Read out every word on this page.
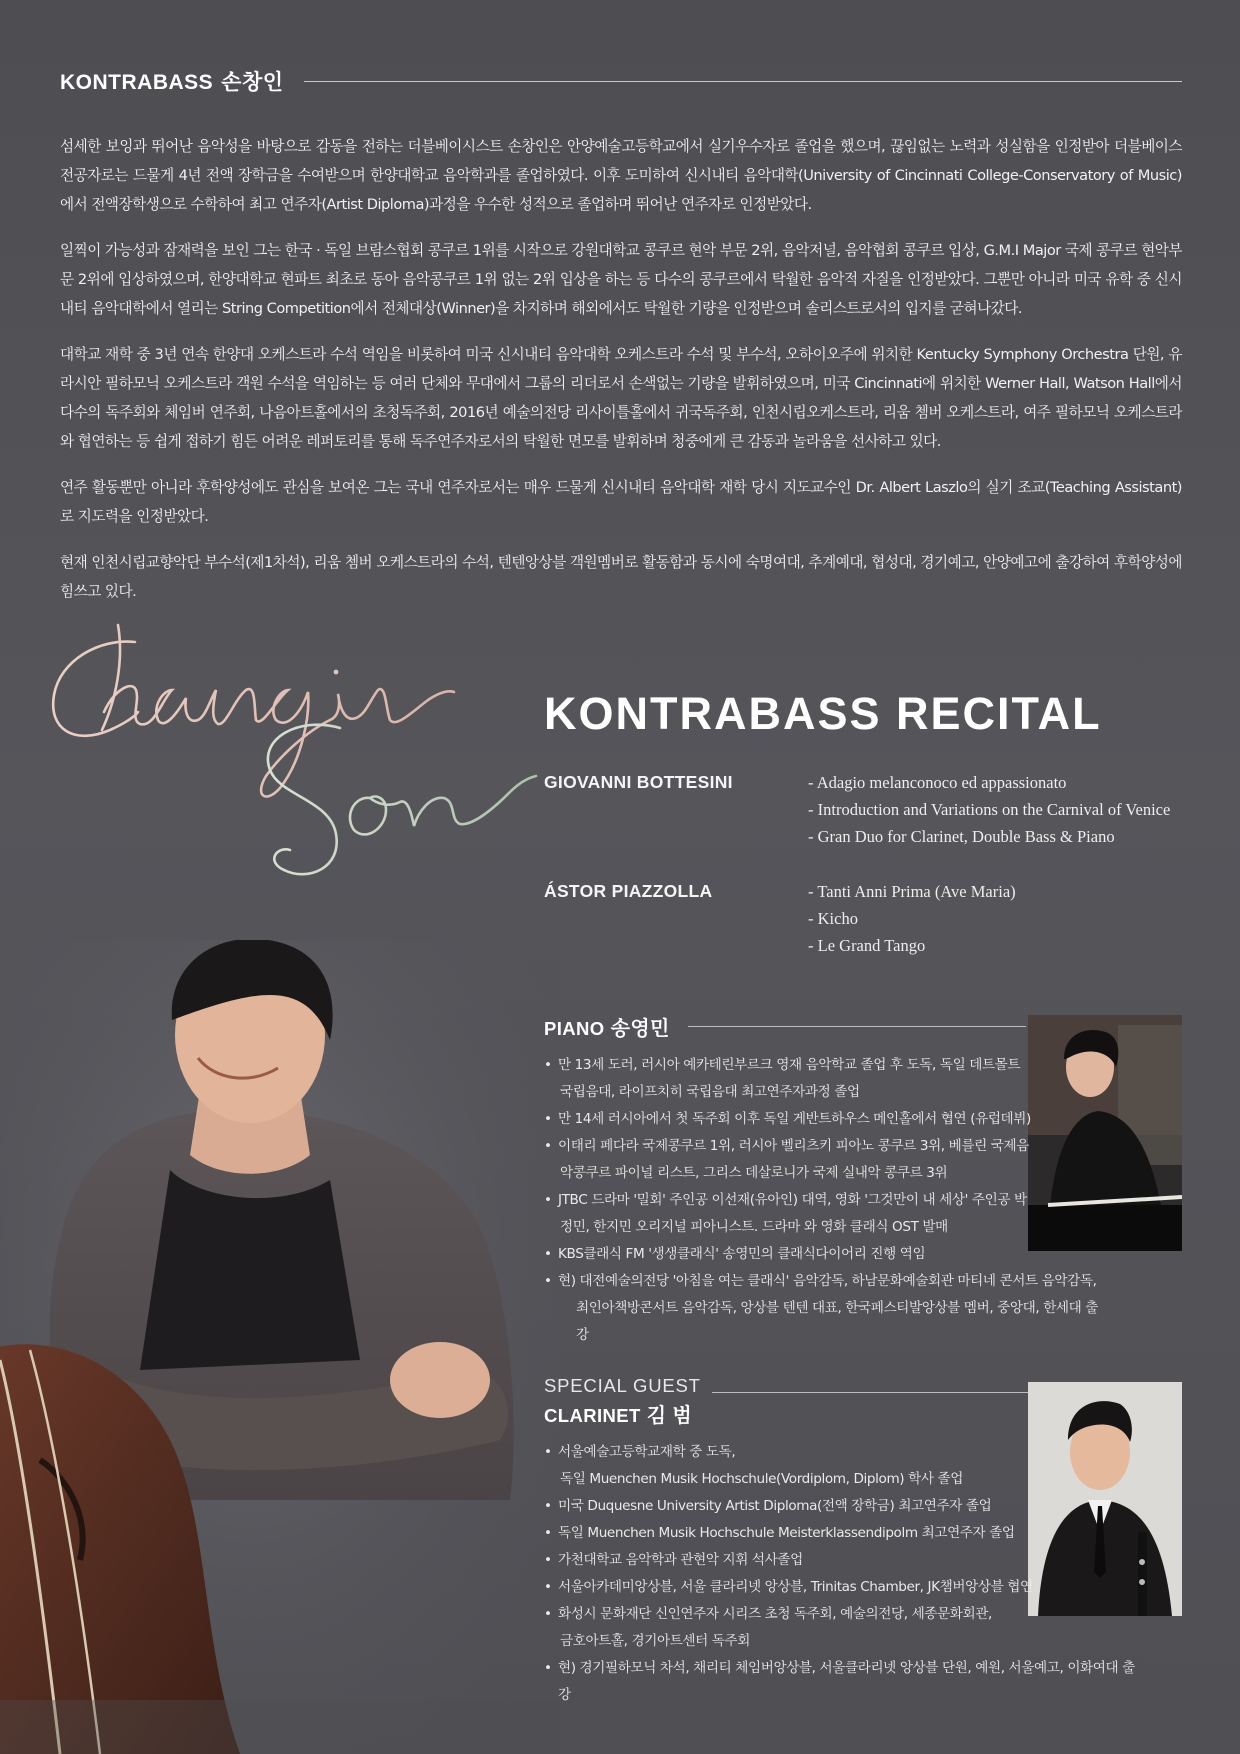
KONTRABASS 손창인

섬세한 보잉과 뛰어난 음악성을 바탕으로 감동을 전하는 더블베이시스트 손창인은 안양예술고등학교에서 실기우수자로 졸업을 했으며, 끊임없는 노력과 성실함을 인정받아 더블베이스 전공자로는 드물게 4년 전액 장학금을 수여받으며 한양대학교 음악학과를 졸업하였다. 이후 도미하여 신시내티 음악대학(University of Cincinnati College-Conservatory of Music)에서 전액장학생으로 수학하여 최고 연주자(Artist Diploma)과정을 우수한 성적으로 졸업하며 뛰어난 연주자로 인정받았다.

일찍이 가능성과 잠재력을 보인 그는 한국 · 독일 브람스협회 콩쿠르 1위를 시작으로 강원대학교 콩쿠르 현악 부문 2위, 음악저널, 음악협회 콩쿠르 입상, G.M.I Major 국제 콩쿠르 현악부문 2위에 입상하였으며, 한양대학교 현파트 최초로 동아 음악콩쿠르 1위 없는 2위 입상을 하는 등 다수의 콩쿠르에서 탁월한 음악적 자질을 인정받았다. 그뿐만 아니라 미국 유학 중 신시내티 음악대학에서 열리는 String Competition에서 전체대상(Winner)을 차지하며 해외에서도 탁월한 기량을 인정받으며 솔리스트로서의 입지를 굳혀나갔다.

대학교 재학 중 3년 연속 한양대 오케스트라 수석 역임을 비롯하여 미국 신시내티 음악대학 오케스트라 수석 및 부수석, 오하이오주에 위치한 Kentucky Symphony Orchestra 단원, 유라시안 필하모닉 오케스트라 객원 수석을 역임하는 등 여러 단체와 무대에서 그룹의 리더로서 손색없는 기량을 발휘하였으며, 미국 Cincinnati에 위치한 Werner Hall, Watson Hall에서 다수의 독주회와 체임버 연주회, 나음아트홀에서의 초청독주회, 2016년 예술의전당 리사이틀홀에서 귀국독주회, 인천시립오케스트라, 리움 쳄버 오케스트라, 여주 필하모닉 오케스트라와 협연하는 등 쉽게 접하기 힘든 어려운 레퍼토리를 통해 독주연주자로서의 탁월한 면모를 발휘하며 청중에게 큰 감동과 놀라움을 선사하고 있다.

연주 활동뿐만 아니라 후학양성에도 관심을 보여온 그는 국내 연주자로서는 매우 드물게 신시내티 음악대학 재학 당시 지도교수인 Dr. Albert Laszlo의 실기 조교(Teaching Assistant)로 지도력을 인정받았다.

현재 인천시립교향악단 부수석(제1차석), 리움 쳄버 오케스트라의 수석, 텐텐앙상블 객원멤버로 활동함과 동시에 숙명여대, 추계예대, 협성대, 경기예고, 안양예고에 출강하여 후학양성에 힘쓰고 있다.

KONTRABASS RECITAL
GIOVANNI BOTTESINI	- Adagio melanconoco ed appassionato
- Introduction and Variations on the Carnival of Venice
- Gran Duo for Clarinet, Double Bass & Piano
ÁSTOR PIAZZOLLA	- Tanti Anni Prima (Ave Maria)
- Kicho
- Le Grand Tango
PIANO 송영민
• 만 13세 도러, 러시아 예카테린부르크 영재 음악학교 졸업 후 도독, 독일 데트몰트
국립음대, 라이프치히 국립음대 최고연주자과정 졸업
• 만 14세 러시아에서 첫 독주회 이후 독일 게반트하우스 메인홀에서 협연 (유럽데뷔)
• 이태리 페다라 국제콩쿠르 1위, 러시아 벨리츠키 피아노 콩쿠르 3위, 베를린 국제음
악콩쿠르 파이널 리스트, 그리스 데살로니가 국제 실내악 콩쿠르 3위
• JTBC 드라마 '밀회' 주인공 이선재(유아인) 대역, 영화 '그것만이 내 세상' 주인공 박
정민, 한지민 오리지널 피아니스트. 드라마 와 영화 클래식 OST 발매
• KBS클래식 FM '생생클래식' 송영민의 클래식다이어리 진행 역임
• 현) 대전예술의전당 '아침을 여는 클래식' 음악감독, 하남문화예술회관 마티네 콘서트 음악감독,
최인아책방콘서트 음악감독, 앙상블 텐텐 대표, 한국페스티발앙상블 멤버, 중앙대, 한세대 출강
SPECIAL GUEST
CLARINET 김 범
• 서울예술고등학교재학 중 도독,
독일 Muenchen Musik Hochschule(Vordiplom, Diplom) 학사 졸업
• 미국 Duquesne University Artist Diploma(전액 장학금) 최고연주자 졸업
• 독일 Muenchen Musik Hochschule Meisterklassendipolm 최고연주자 졸업
• 가천대학교 음악학과 관현악 지휘 석사졸업
• 서울아카데미앙상블, 서울 클라리넷 앙상블, Trinitas Chamber, JK챔버앙상블 협연
• 화성시 문화재단 신인연주자 시리즈 초청 독주회, 예술의전당, 세종문화회관,
금호아트홀, 경기아트센터 독주회
• 현) 경기필하모닉 차석, 채리티 체임버앙상블, 서울클라리넷 앙상블 단원, 예원, 서울예고, 이화여대 출강
